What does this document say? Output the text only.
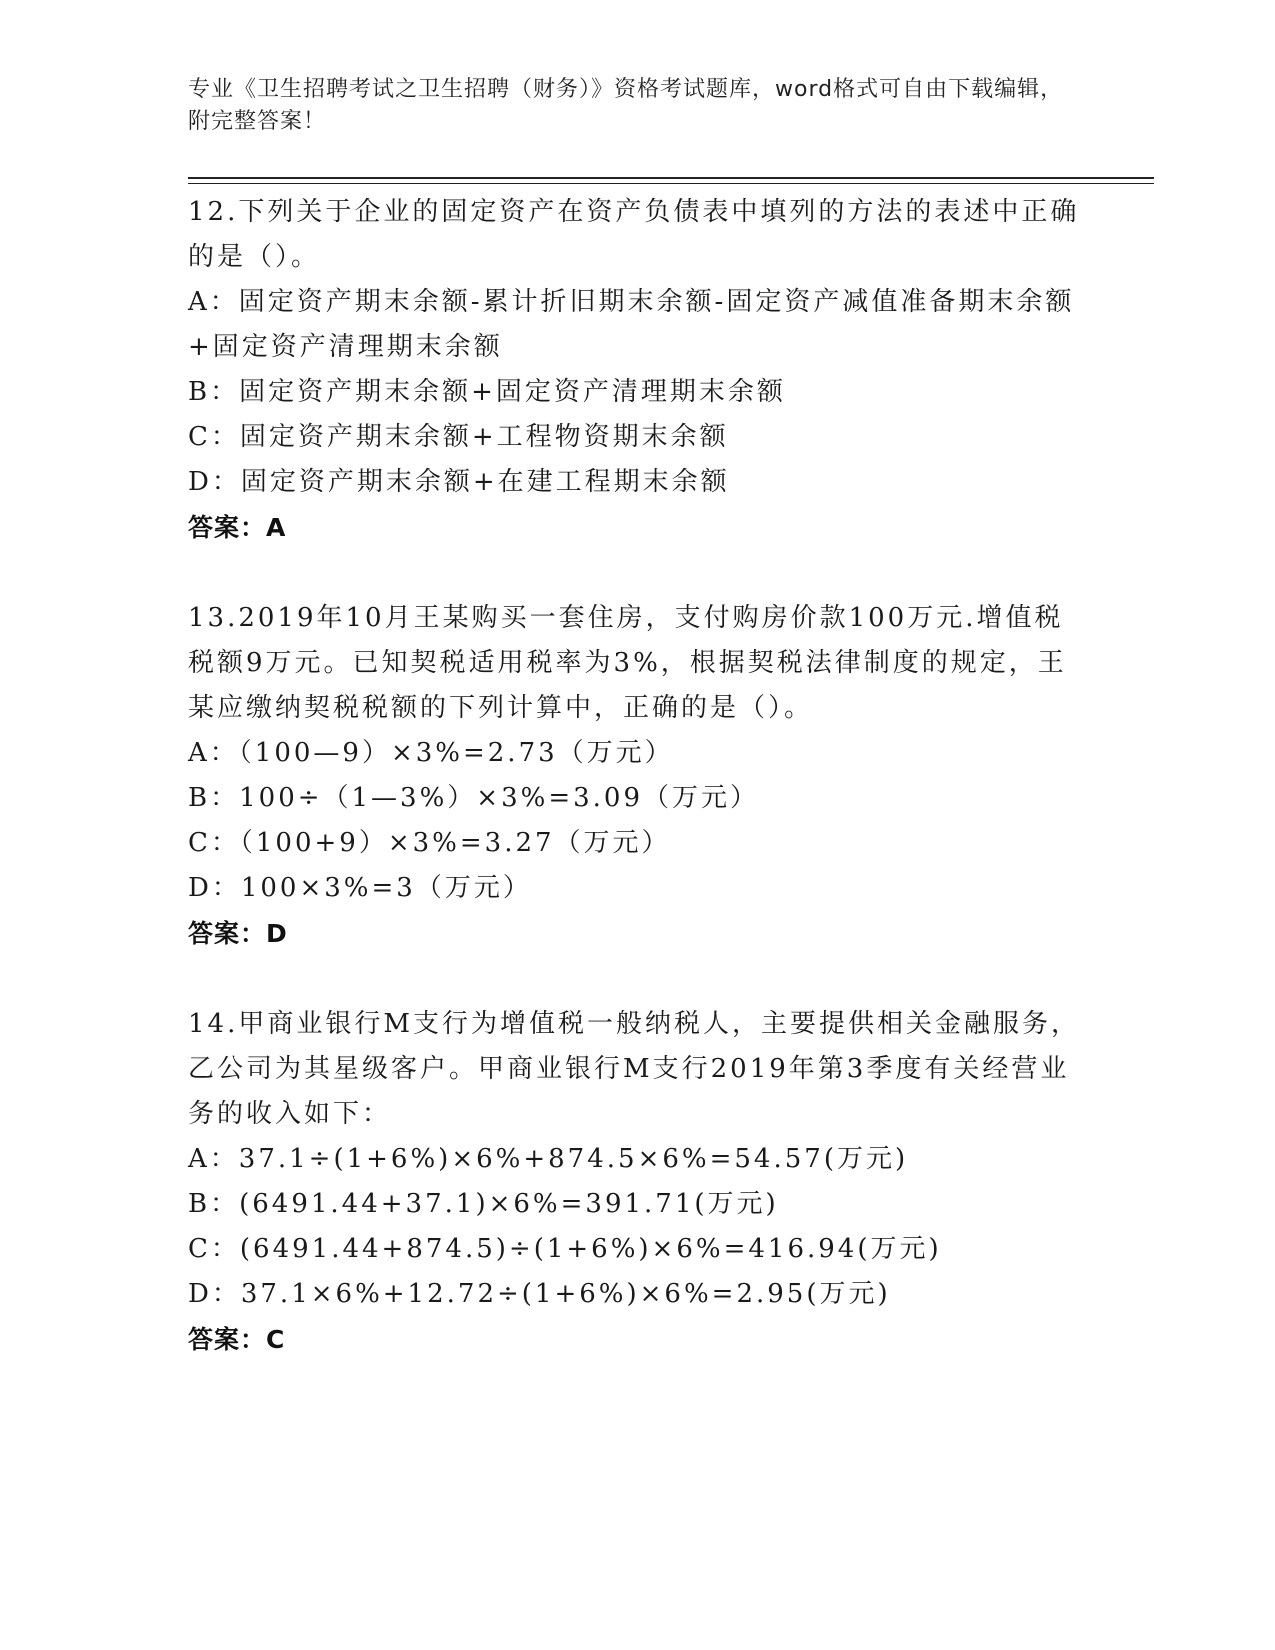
专业《卫生招聘考试之卫生招聘（财务）》资格考试题库，word格式可自由下载编辑，附完整答案！

12.下列关于企业的固定资产在资产负债表中填列的方法的表述中正确的是（）。

A：固定资产期末余额-累计折旧期末余额-固定资产减值准备期末余额+固定资产清理期末余额

B：固定资产期末余额+固定资产清理期末余额

C：固定资产期末余额+工程物资期末余额

D：固定资产期末余额+在建工程期末余额

答案：A

13.2019年10月王某购买一套住房，支付购房价款100万元.增值税税额9万元。已知契税适用税率为3%，根据契税法律制度的规定，王某应缴纳契税税额的下列计算中，正确的是（）。

A：（100—9）×3%=2.73（万元）

B：100÷（1—3%）×3%=3.09（万元）

C：（100+9）×3%=3.27（万元）

D：100×3%=3（万元）

答案：D

14.甲商业银行M支行为增值税一般纳税人，主要提供相关金融服务，乙公司为其星级客户。甲商业银行M支行2019年第3季度有关经营业务的收入如下：

A：37.1÷(1+6%)×6%+874.5×6%=54.57(万元)

B：(6491.44+37.1)×6%=391.71(万元)

C：(6491.44+874.5)÷(1+6%)×6%=416.94(万元)

D：37.1×6%+12.72÷(1+6%)×6%=2.95(万元)

答案：C
